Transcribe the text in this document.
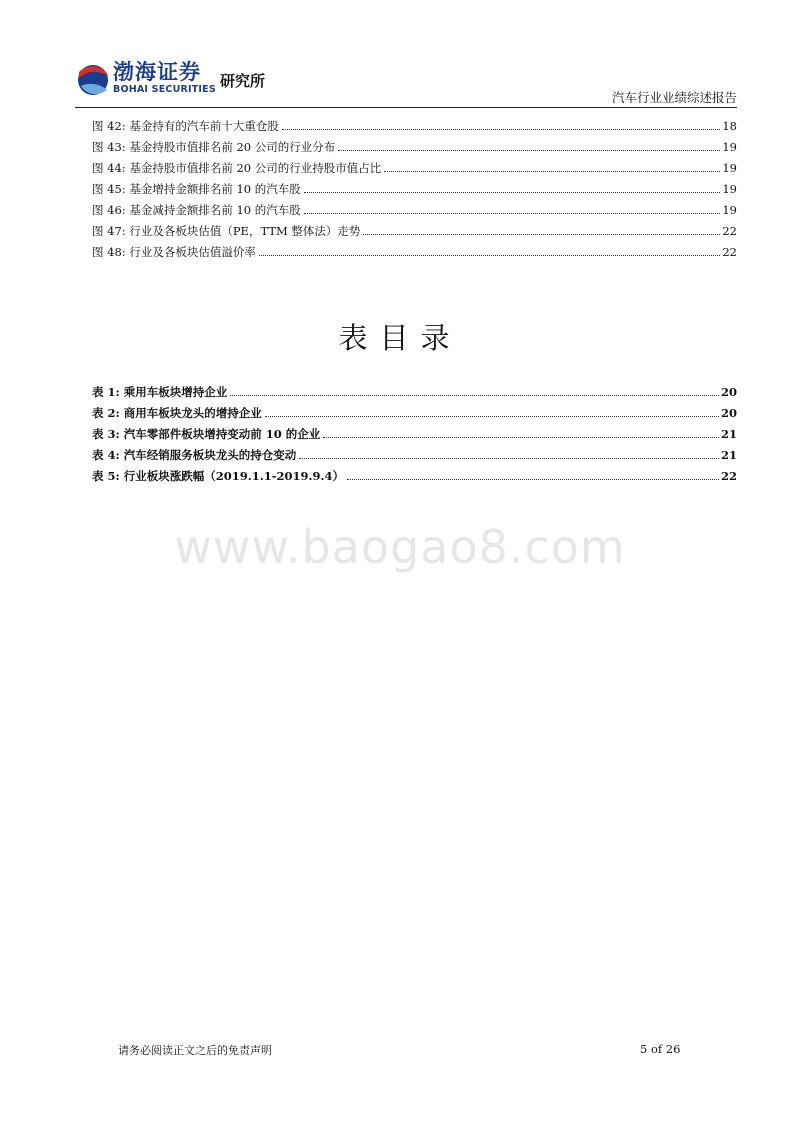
渤海证券
BOHAI SECURITIES 研究所
汽车行业业绩综述报告
图 42: 基金持有的汽车前十大重仓股	18
图 43: 基金持股市值排名前 20 公司的行业分布	19
图 44: 基金持股市值排名前 20 公司的行业持股市值占比	19
图 45: 基金增持金额排名前 10 的汽车股	19
图 46: 基金减持金额排名前 10 的汽车股	19
图 47: 行业及各板块估值（PE，TTM 整体法）走势	22
图 48: 行业及各板块估值溢价率	22
表目录
表 1: 乘用车板块增持企业	20
表 2: 商用车板块龙头的增持企业	20
表 3: 汽车零部件板块增持变动前 10 的企业	21
表 4: 汽车经销服务板块龙头的持仓变动	21
表 5: 行业板块涨跌幅（2019.1.1-2019.9.4）	22
www.baogao8.com
请务必阅读正文之后的免责声明	5 of 26
